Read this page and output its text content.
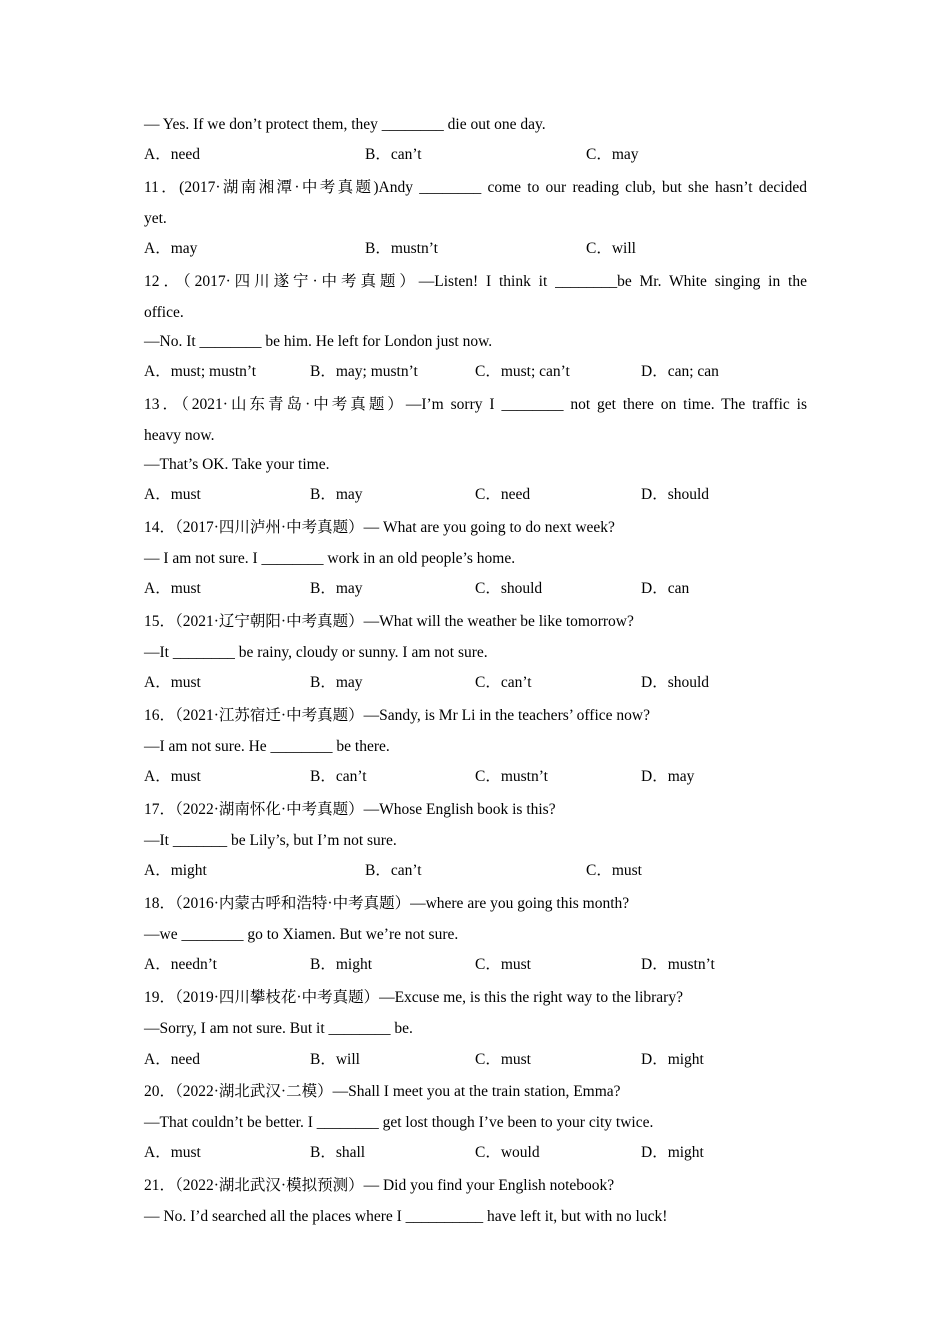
— Yes. If we don’t protect them, they ________ die out one day.
A．need	B．can’t	C．may
11．(2017·湖南湘潭·中考真题)Andy ________ come to our reading club, but she hasn’t decided
yet.
A．may	B．mustn’t	C．will
12．（2017·四川遂宁·中考真题）—Listen! I think it ________be Mr. White singing in the
office.
—No. It ________ be him. He left for London just now.
A．must; mustn’t	B．may; mustn’t	C．must; can’t	D．can; can
13．（2021·山东青岛·中考真题）—I’m sorry I ________ not get there on time. The traffic is
heavy now.
—That’s OK. Take your time.
A．must	B．may	C．need	D．should
14．（2017·四川泸州·中考真题）— What are you going to do next week?
— I am not sure. I ________ work in an old people’s home.
A．must	B．may	C．should	D．can
15．（2021·辽宁朝阳·中考真题）—What will the weather be like tomorrow?
—It ________ be rainy, cloudy or sunny. I am not sure.
A．must	B．may	C．can’t	D．should
16．（2021·江苏宿迁·中考真题）—Sandy, is Mr Li in the teachers’ office now?
—I am not sure. He ________ be there.
A．must	B．can’t	C．mustn’t	D．may
17．（2022·湖南怀化·中考真题）—Whose English book is this?
—It _______ be Lily’s, but I’m not sure.
A．might	B．can’t	C．must
18．（2016·内蒙古呼和浩特·中考真题）—where are you going this month?
—we ________ go to Xiamen. But we’re not sure.
A．needn’t	B．might	C．must	D．mustn’t
19．（2019·四川攀枝花·中考真题）—Excuse me, is this the right way to the library?
—Sorry, I am not sure. But it ________ be.
A．need	B．will	C．must	D．might
20．（2022·湖北武汉·二模）—Shall I meet you at the train station, Emma?
—That couldn’t be better. I ________ get lost though I’ve been to your city twice.
A．must	B．shall	C．would	D．might
21．（2022·湖北武汉·模拟预测）— Did you find your English notebook?
— No. I’d searched all the places where I __________ have left it, but with no luck!
